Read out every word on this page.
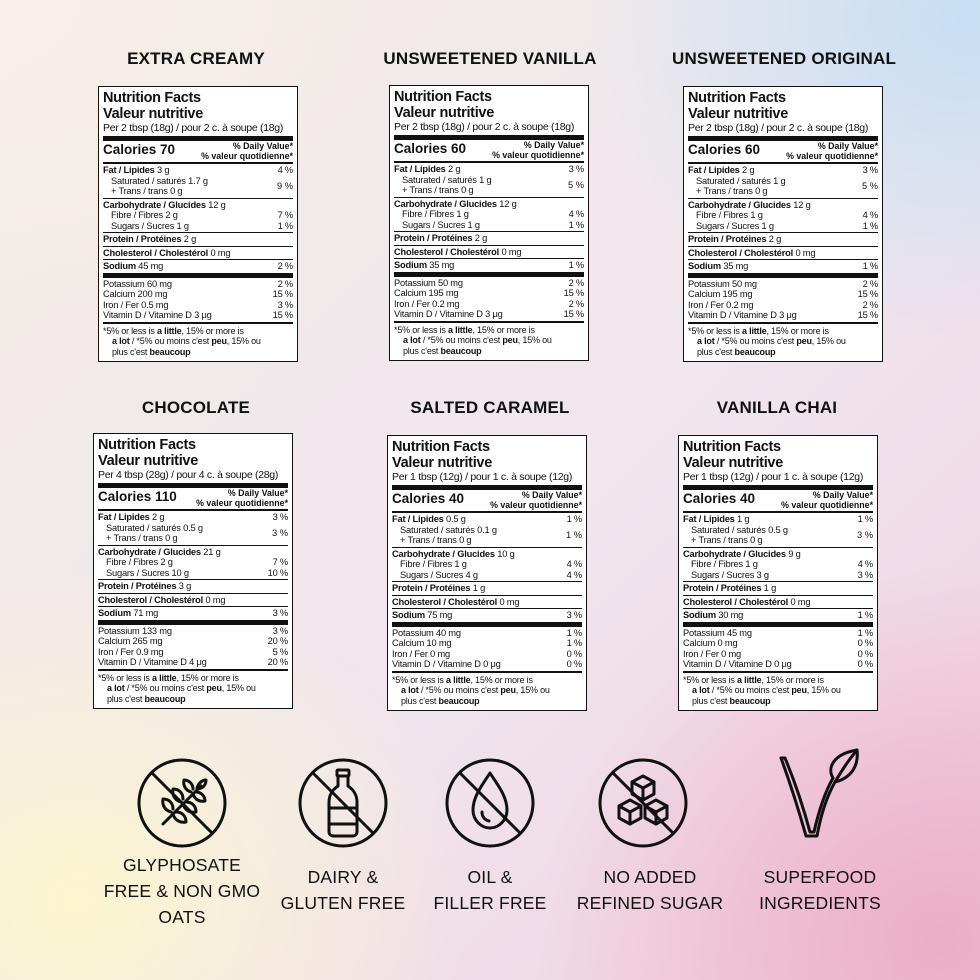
EXTRA CREAMY
Nutrition Facts
Valeur nutritive
Per 2 tbsp (18g) / pour 2 c. à soupe (18g)
Calories 70	% Daily Value*
% valeur quotidienne*
Fat / Lipides 3 g	4 %
Saturated / saturés 1.7 g
+ Trans / trans 0 g	9 %
Carbohydrate / Glucides 12 g
Fibre / Fibres 2 g	7 %
Sugars / Sucres 1 g	1 %
Protein / Protéines 2 g
Cholesterol / Cholestérol 0 mg
Sodium 45 mg	2 %
Potassium 60 mg	2 %
Calcium 200 mg	15 %
Iron / Fer 0.5 mg	3 %
Vitamin D / Vitamine D 3 μg	15 %
*5% or less is a little, 15% or more is
a lot / *5% ou moins c'est peu, 15% ou
plus c'est beaucoup
UNSWEETENED VANILLA
Nutrition Facts
Valeur nutritive
Per 2 tbsp (18g) / pour 2 c. à soupe (18g)
Calories 60	% Daily Value*
% valeur quotidienne*
Fat / Lipides 2 g	3 %
Saturated / saturés 1 g
+ Trans / trans 0 g	5 %
Carbohydrate / Glucides 12 g
Fibre / Fibres 1 g	4 %
Sugars / Sucres 1 g	1 %
Protein / Protéines 2 g
Cholesterol / Cholestérol 0 mg
Sodium 35 mg	1 %
Potassium 50 mg	2 %
Calcium 195 mg	15 %
Iron / Fer 0.2 mg	2 %
Vitamin D / Vitamine D 3 μg	15 %
*5% or less is a little, 15% or more is
a lot / *5% ou moins c'est peu, 15% ou
plus c'est beaucoup
UNSWEETENED ORIGINAL
Nutrition Facts
Valeur nutritive
Per 2 tbsp (18g) / pour 2 c. à soupe (18g)
Calories 60	% Daily Value*
% valeur quotidienne*
Fat / Lipides 2 g	3 %
Saturated / saturés 1 g
+ Trans / trans 0 g	5 %
Carbohydrate / Glucides 12 g
Fibre / Fibres 1 g	4 %
Sugars / Sucres 1 g	1 %
Protein / Protéines 2 g
Cholesterol / Cholestérol 0 mg
Sodium 35 mg	1 %
Potassium 50 mg	2 %
Calcium 195 mg	15 %
Iron / Fer 0.2 mg	2 %
Vitamin D / Vitamine D 3 μg	15 %
*5% or less is a little, 15% or more is
a lot / *5% ou moins c'est peu, 15% ou
plus c'est beaucoup
CHOCOLATE
Nutrition Facts
Valeur nutritive
Per 4 tbsp (28g) / pour 4 c. à soupe (28g)
Calories 110	% Daily Value*
% valeur quotidienne*
Fat / Lipides 2 g	3 %
Saturated / saturés 0.5 g
+ Trans / trans 0 g	3 %
Carbohydrate / Glucides 21 g
Fibre / Fibres 2 g	7 %
Sugars / Sucres 10 g	10 %
Protein / Protéines 3 g
Cholesterol / Cholestérol 0 mg
Sodium 71 mg	3 %
Potassium 133 mg	3 %
Calcium 265 mg	20 %
Iron / Fer 0.9 mg	5 %
Vitamin D / Vitamine D 4 μg	20 %
*5% or less is a little, 15% or more is
a lot / *5% ou moins c'est peu, 15% ou
plus c'est beaucoup
SALTED CARAMEL
Nutrition Facts
Valeur nutritive
Per 1 tbsp (12g) / pour 1 c. à soupe (12g)
Calories 40	% Daily Value*
% valeur quotidienne*
Fat / Lipides 0.5 g	1 %
Saturated / saturés 0.1 g
+ Trans / trans 0 g	1 %
Carbohydrate / Glucides 10 g
Fibre / Fibres 1 g	4 %
Sugars / Sucres 4 g	4 %
Protein / Protéines 1 g
Cholesterol / Cholestérol 0 mg
Sodium 75 mg	3 %
Potassium 40 mg	1 %
Calcium 10 mg	1 %
Iron / Fer 0 mg	0 %
Vitamin D / Vitamine D 0 μg	0 %
*5% or less is a little, 15% or more is
a lot / *5% ou moins c'est peu, 15% ou
plus c'est beaucoup
VANILLA CHAI
Nutrition Facts
Valeur nutritive
Per 1 tbsp (12g) / pour 1 c. à soupe (12g)
Calories 40	% Daily Value*
% valeur quotidienne*
Fat / Lipides 1 g	1 %
Saturated / saturés 0.5 g
+ Trans / trans 0 g	3 %
Carbohydrate / Glucides 9 g
Fibre / Fibres 1 g	4 %
Sugars / Sucres 3 g	3 %
Protein / Protéines 1 g
Cholesterol / Cholestérol 0 mg
Sodium 30 mg	1 %
Potassium 45 mg	1 %
Calcium 0 mg	0 %
Iron / Fer 0 mg	0 %
Vitamin D / Vitamine D 0 μg	0 %
*5% or less is a little, 15% or more is
a lot / *5% ou moins c'est peu, 15% ou
plus c'est beaucoup
GLYPHOSATE
FREE & NON GMO
OATS
DAIRY &
GLUTEN FREE
OIL &
FILLER FREE
NO ADDED
REFINED SUGAR
SUPERFOOD
INGREDIENTS
